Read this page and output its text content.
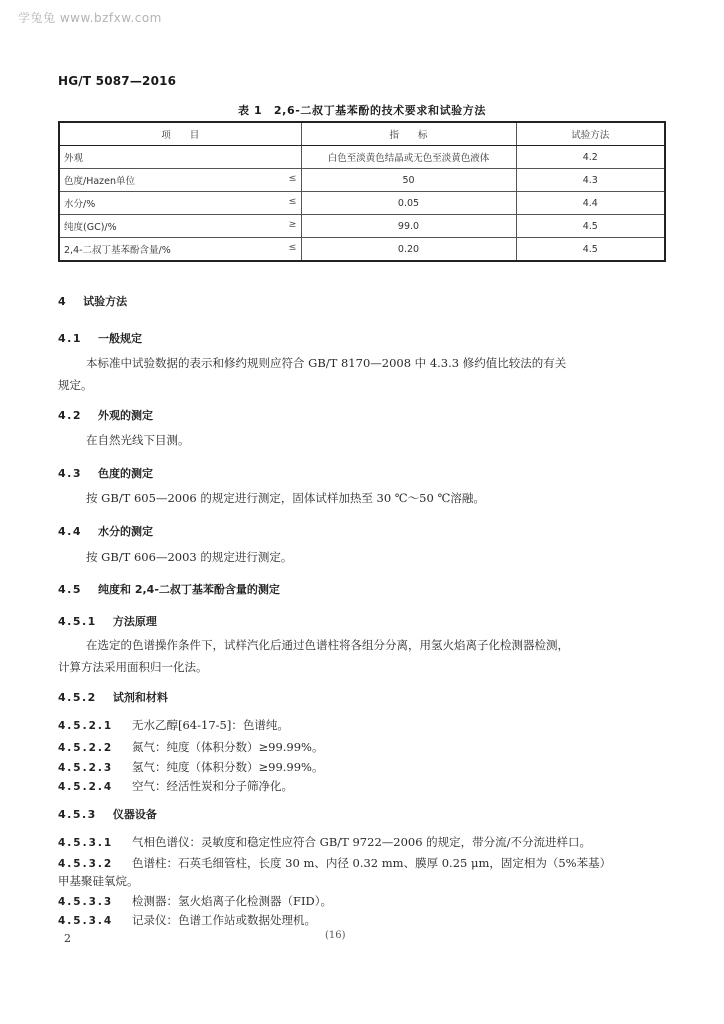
学兔兔 www.bzfxw.com
HG/T 5087—2016
表 1　2,6-二叔丁基苯酚的技术要求和试验方法
项　　目	指　　标	试验方法
外观	白色至淡黄色结晶或无色至淡黄色液体	4.2
色度/Hazen单位 ≤	50	4.3
水分/% ≤	0.05	4.4
纯度(GC)/% ≥	99.0	4.5
2,4-二叔丁基苯酚含量/% ≤	0.20	4.5
4 试验方法
4.1 一般规定
本标准中试验数据的表示和修约规则应符合 GB/T 8170—2008 中 4.3.3 修约值比较法的有关
规定。
4.2 外观的测定
在自然光线下目测。
4.3 色度的测定
按 GB/T 605—2006 的规定进行测定，固体试样加热至 30 ℃～50 ℃溶融。
4.4 水分的测定
按 GB/T 606—2003 的规定进行测定。
4.5 纯度和 2,4-二叔丁基苯酚含量的测定
4.5.1 方法原理
在选定的色谱操作条件下，试样汽化后通过色谱柱将各组分分离，用氢火焰离子化检测器检测，
计算方法采用面积归一化法。
4.5.2 试剂和材料
4.5.2.1 无水乙醇[64-17-5]：色谱纯。
4.5.2.2 氮气：纯度（体积分数）≥99.99%。
4.5.2.3 氢气：纯度（体积分数）≥99.99%。
4.5.2.4 空气：经活性炭和分子筛净化。
4.5.3 仪器设备
4.5.3.1 气相色谱仪：灵敏度和稳定性应符合 GB/T 9722—2006 的规定，带分流/不分流进样口。
4.5.3.2 色谱柱：石英毛细管柱，长度 30 m、内径 0.32 mm、膜厚 0.25 μm，固定相为（5%苯基）
甲基聚硅氧烷。
4.5.3.3 检测器：氢火焰离子化检测器（FID）。
4.5.3.4 记录仪：色谱工作站或数据处理机。
2	(16)
